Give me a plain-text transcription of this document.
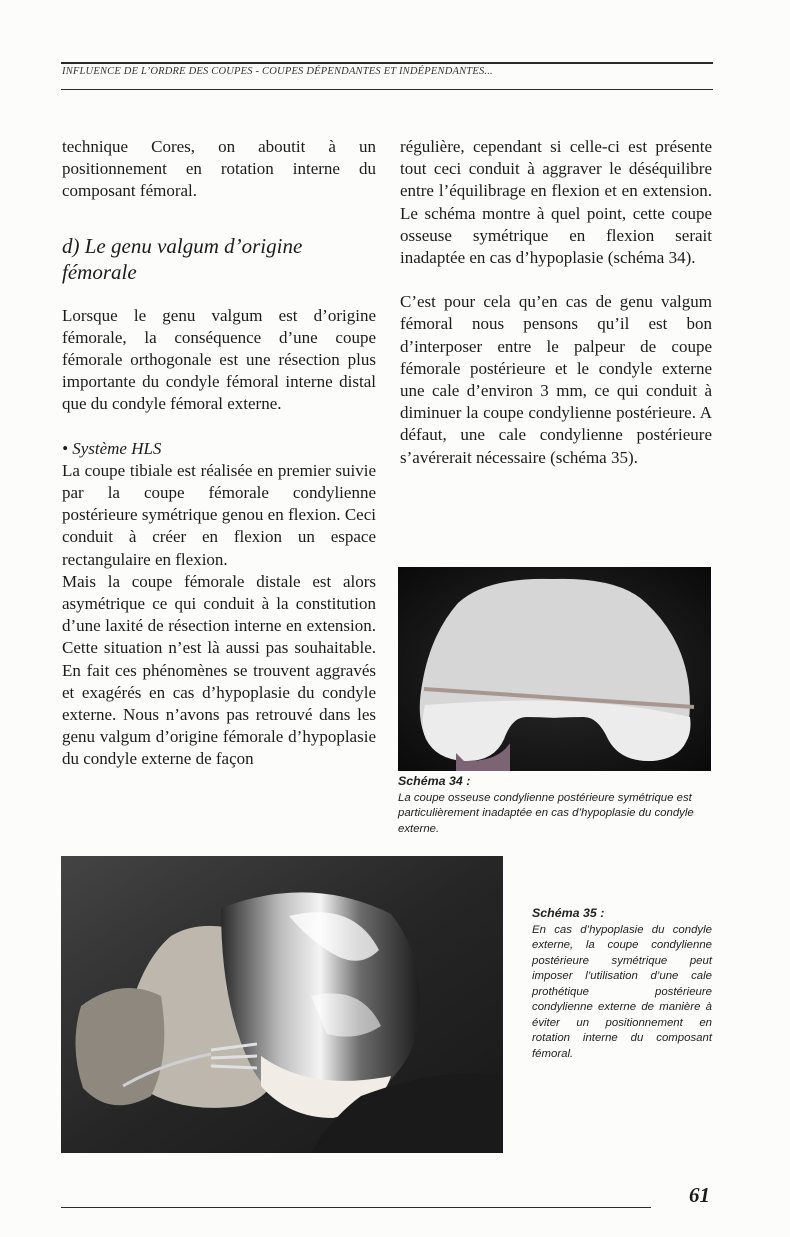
INFLUENCE DE L’ORDRE DES COUPES - COUPES DÉPENDANTES ET INDÉPENDANTES...

technique Cores, on aboutit à un positionnement en rotation interne du composant fémoral.

d) Le genu valgum d’origine fémorale

Lorsque le genu valgum est d’origine fémorale, la conséquence d’une coupe fémorale orthogonale est une résection plus importante du condyle fémoral interne distal que du condyle fémoral externe.

• Système HLS

La coupe tibiale est réalisée en premier suivie par la coupe fémorale condylienne postérieure symétrique genou en flexion. Ceci conduit à créer en flexion un espace rectangulaire en flexion.

Mais la coupe fémorale distale est alors asymétrique ce qui conduit à la constitution d’une laxité de résection interne en extension. Cette situation n’est là aussi pas souhaitable. En fait ces phénomènes se trouvent aggravés et exagérés en cas d’hypoplasie du condyle externe. Nous n’avons pas retrouvé dans les genu valgum d’origine fémorale d’hypoplasie du condyle externe de façon

régulière, cependant si celle-ci est présente tout ceci conduit à aggraver le déséquilibre entre l’équilibrage en flexion et en extension. Le schéma montre à quel point, cette coupe osseuse symétrique en flexion serait inadaptée en cas d’hypoplasie (schéma 34).

C’est pour cela qu’en cas de genu valgum fémoral nous pensons qu’il est bon d’interposer entre le palpeur de coupe fémorale postérieure et le condyle externe une cale d’environ 3 mm, ce qui conduit à diminuer la coupe condylienne postérieure. A défaut, une cale condylienne postérieure s’avérerait nécessaire (schéma 35).

Schéma 34 :
La coupe osseuse condylienne postérieure symétrique est particulièrement inadaptée en cas d’hypoplasie du condyle externe.
Schéma 35 :
En cas d’hypoplasie du condyle externe, la coupe condylienne postérieure symétrique peut imposer l’utilisation d’une cale prothétique postérieure condylienne externe de manière à éviter un positionnement en rotation interne du composant fémoral.
61
